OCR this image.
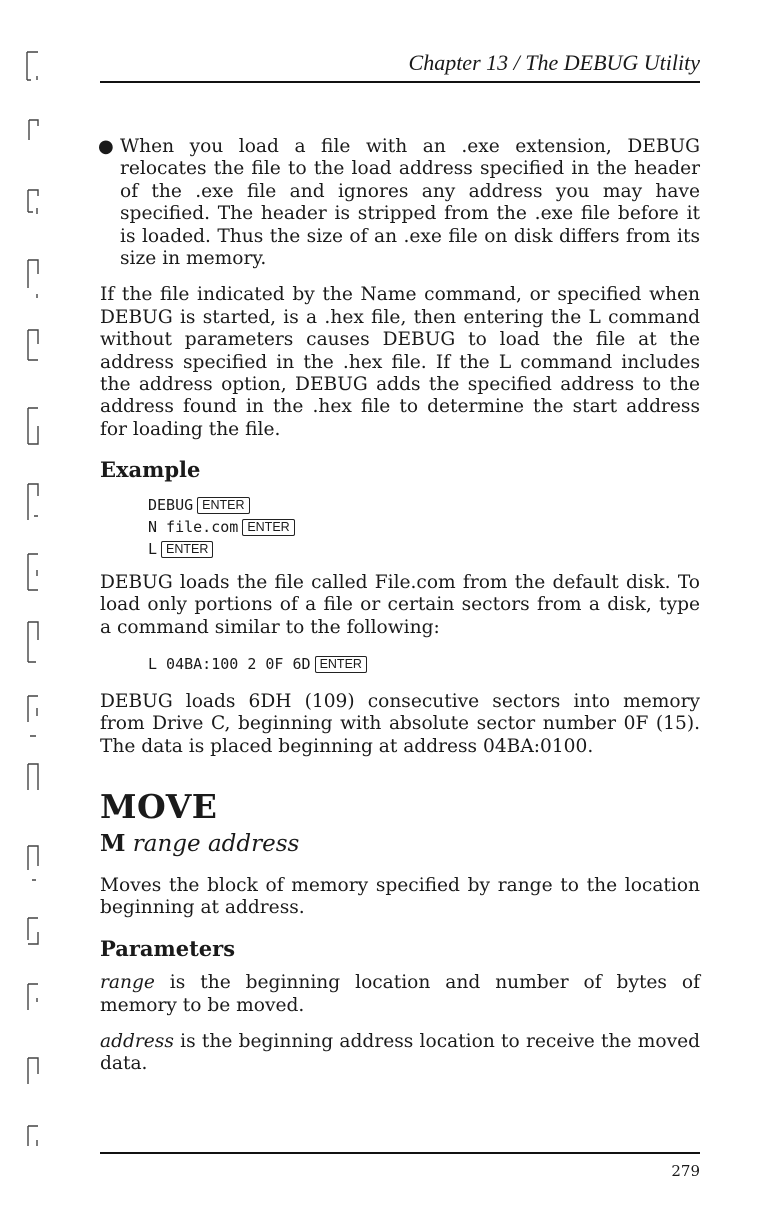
Chapter 13 / The DEBUG Utility
● When you load a file with an .exe extension, DEBUG relocates the file to the load address specified in the header of the .exe file and ignores any address you may have specified. The header is stripped from the .exe file before it is loaded. Thus the size of an .exe file on disk differs from its size in memory.

If the file indicated by the Name command, or specified when DEBUG is started, is a .hex file, then entering the L command without parameters causes DEBUG to load the file at the address specified in the .hex file. If the L command includes the address option, DEBUG adds the specified address to the address found in the .hex file to determine the start address for loading the file.

Example
DEBUG ENTER
N file.com ENTER
L ENTER

DEBUG loads the file called File.com from the default disk. To load only portions of a file or certain sectors from a disk, type a command similar to the following:

L 04BA:100 2 0F 6D ENTER

DEBUG loads 6DH (109) consecutive sectors into memory from Drive C, beginning with absolute sector number 0F (15). The data is placed beginning at address 04BA:0100.

MOVE
M range address

Moves the block of memory specified by range to the location beginning at address.

Parameters

range is the beginning location and number of bytes of memory to be moved.

address is the beginning address location to receive the moved data.

279
